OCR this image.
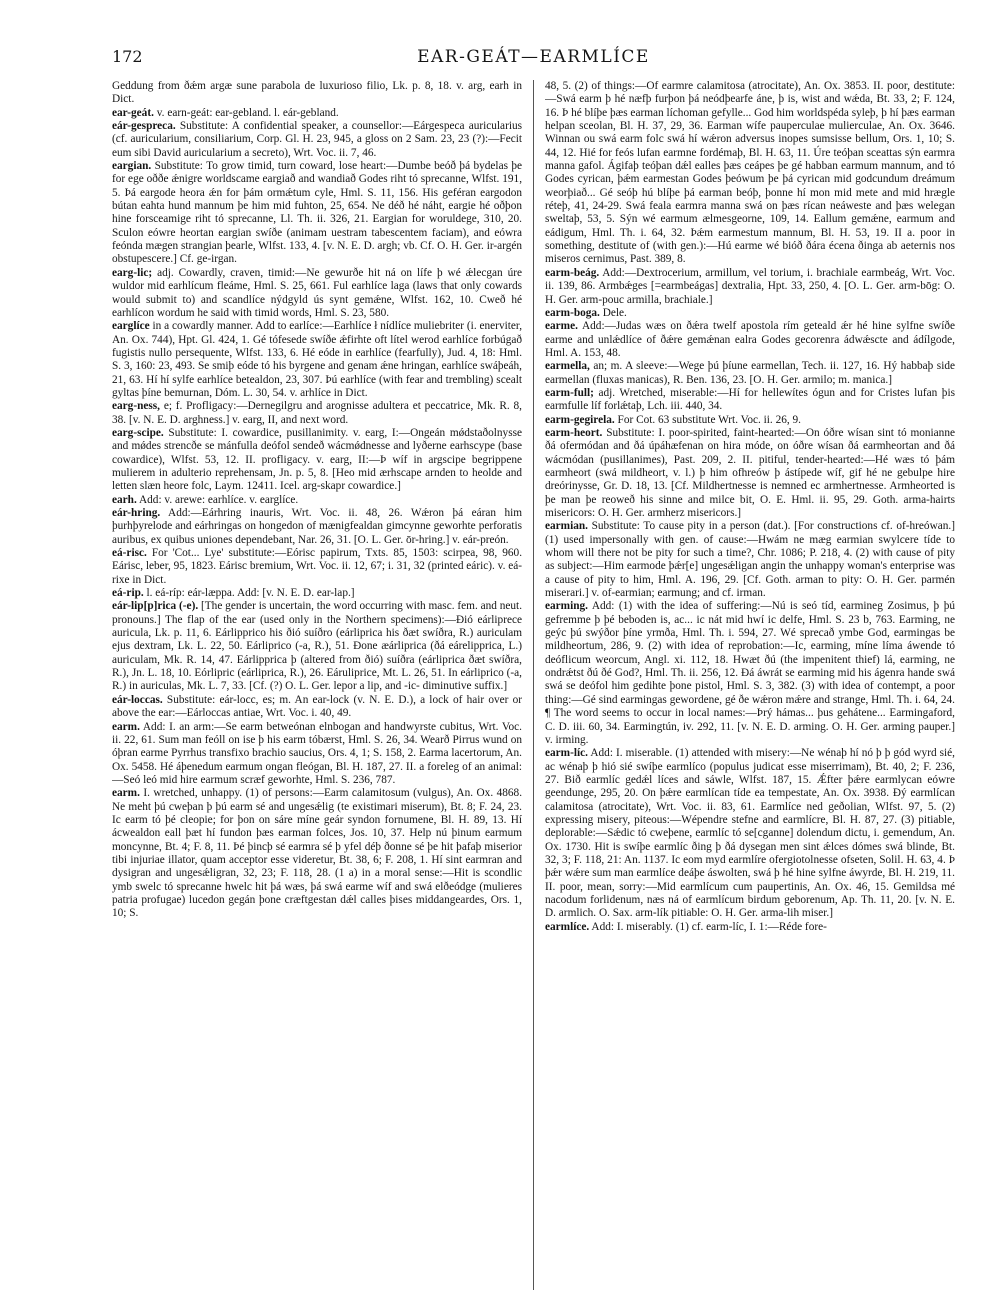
172	EAR-GEÁT—EARMLÍCE

Geddung from ðǽm argæ sune parabola de luxurioso filio, Lk. p. 8, 18. v. arg, earh in Dict.

ear-geát. v. earn-geát: ear-gebland. l. eár-gebland.

eár-gespreca. Substitute: A confidential speaker, a counsellor:—Eárgespeca auricularius (cf. auricularium, consiliarium, Corp. Gl. H. 23, 945, a gloss on 2 Sam. 23, 23 (?):—Fecit eum sibi David auricularium a secreto), Wrt. Voc. ii. 7, 46.

eargian. Substitute: To grow timid, turn coward, lose heart:—Dumbe beóð þá bydelas þe for ege oððe ǽnigre worldscame eargiað and wandiað Godes riht tó sprecanne, Wlfst. 191, 5. Þá eargode heora ǽn for þám ormǽtum cyle, Hml. S. 11, 156. His geféran eargodon bútan eahta hund mannum þe him mid fuhton, 25, 654. Ne déð hé náht, eargie hé oðþon hine forsceamige riht tó sprecanne, Ll. Th. ii. 326, 21. Eargian for woruldege, 310, 20. Sculon eówre heortan eargian swíðe (animam uestram tabescentem faciam), and eówra feónda mægen strangian þearle, Wlfst. 133, 4. [v. N. E. D. argh; vb. Cf. O. H. Ger. ir-argén obstupescere.] Cf. ge-irgan.

earg-lic; adj. Cowardly, craven, timid:—Ne gewurðe hit ná on lífe þ wé ǽlecgan úre wuldor mid earhlícum fleáme, Hml. S. 25, 661. Ful earhlíce laga (laws that only cowards would submit to) and scandlíce nýdgyld ús synt gemǽne, Wlfst. 162, 10. Cweð hé earhlícon wordum he said with timid words, Hml. S. 23, 580.

earglíce in a cowardly manner. Add to earlíce:—Earhlíce ł nídlíce muliebriter (i. enerviter, An. Ox. 744), Hpt. Gl. 424, 1. Gé tófesede swíðe ǽfirhte oft lítel werod earhlíce forbúgað fugistis nullo persequente, Wlfst. 133, 6. Hé eóde in earhlíce (fearfully), Jud. 4, 18: Hml. S. 3, 160: 23, 493. Se smiþ eóde tó his byrgene and genam ǽne hringan, earhlíce swáþeáh, 21, 63. Hí hí sylfe earhlíce betealdon, 23, 307. Þú earhlíce (with fear and trembling) scealt gyltas þíne bemurnan, Dóm. L. 30, 54. v. arhlíce in Dict.

earg-ness, e; f. Profligacy:—Dernegilgru and arognisse adultera et peccatrice, Mk. R. 8, 38. [v. N. E. D. arghness.] v. earg, II, and next word.

earg-scipe. Substitute: I. cowardice, pusillanimity. v. earg, I:—Ongeán mǿdstaðolnysse and mǿdes strencðe se mánfulla deófol sendeð wácmǿdnesse and lyðerne earhscype (base cowardice), Wlfst. 53, 12. II. profligacy. v. earg, II:—Þ wíf in argscipe begrippene mulierem in adulterio reprehensam, Jn. p. 5, 8. [Heo mid ærhscape arnden to heolde and letten slæn heore folc, Laym. 12411. Icel. arg-skapr cowardice.]

earh. Add: v. arewe: earhlíce. v. earglíce.

eár-hring. Add:—Eárhring inauris, Wrt. Voc. ii. 48, 26. Wǽron þá eáran him þurhþyrelode and eárhringas on hongedon of mænigfealdan gimcynne geworhte perforatis auribus, ex quibus uniones dependebant, Nar. 26, 31. [O. L. Ger. ōr-hring.] v. eár-preón.

eá-risc. For 'Cot... Lye' substitute:—Eórisc papirum, Txts. 85, 1503: scirpea, 98, 960. Eárisc, leber, 95, 1823. Eárisc bremium, Wrt. Voc. ii. 12, 67; i. 31, 32 (printed eáric). v. eá-rixe in Dict.

eá-rip. l. eá-ríp: eár-læppa. Add: [v. N. E. D. ear-lap.]

eár-lip[p]rica (-e). [The gender is uncertain, the word occurring with masc. fem. and neut. pronouns.] The flap of the ear (used only in the Northern specimens):—Ðió eárliprece auricula, Lk. p. 11, 6. Eárlipprico his ðió suíðro (eárliprica his ðæt swíðra, R.) auriculam ejus dextram, Lk. L. 22, 50. Eárliprico (-a, R.), 51. Ðone æárliprica (ðá eárelipprica, L.) auriculam, Mk. R. 14, 47. Eárlipprica þ (altered from ðió) suíðra (eárliprica ðæt swíðra, R.), Jn. L. 18, 10. Eórlipric (eárliprica, R.), 26. Eáruliprice, Mt. L. 26, 51. In eárliprico (-a, R.) in auriculas, Mk. L. 7, 33. [Cf. (?) O. L. Ger. lepor a lip, and -ic- diminutive suffix.]

eár-loccas. Substitute: eár-locc, es; m. An ear-lock (v. N. E. D.), a lock of hair over or above the ear:—Eárloccas antiae, Wrt. Voc. i. 40, 49.

earm. Add: I. an arm:—Se earm betweónan elnbogan and handwyrste cubitus, Wrt. Voc. ii. 22, 61. Sum man feóll on ise þ his earm tóbærst, Hml. S. 26, 34. Wearð Pirrus wund on óþran earme Pyrrhus transfixo brachio saucius, Ors. 4, 1; S. 158, 2. Earma lacertorum, An. Ox. 5458. Hé áþenedum earmum ongan fleógan, Bl. H. 187, 27. II. a foreleg of an animal:—Seó leó mid hire earmum scræf geworhte, Hml. S. 236, 787.

earm. I. wretched, unhappy. (1) of persons:—Earm calamitosum (vulgus), An. Ox. 4868. Ne meht þú cweþan þ þú earm sé and ungesǽlig (te existimari miserum), Bt. 8; F. 24, 23. Ic earm tó þé cleopie; for þon on sáre míne geár syndon fornumene, Bl. H. 89, 13. Hí ácwealdon eall þæt hí fundon þæs earman folces, Jos. 10, 37. Help nú þinum earmum moncynne, Bt. 4; F. 8, 11. Þé þincþ sé earmra sé þ yfel déþ ðonne sé þe hit þafaþ miserior tibi injuriae illator, quam acceptor esse videretur, Bt. 38, 6; F. 208, 1. Hí sint earmran and dysigran and ungesǽligran, 32, 23; F. 118, 28. (1 a) in a moral sense:—Hit is scondlic ymb swelc tó sprecanne hwelc hit þá wæs, þá swá earme wíf and swá elðeódge (mulieres patria profugae) lucedon gegán þone cræftgestan dǽl calles þises middangeardes, Ors. 1, 10; S.

48, 5. (2) of things:—Of earmre calamitosa (atrocitate), An. Ox. 3853. II. poor, destitute:—Swá earm þ hé næfþ furþon þá neódþearfe áne, þ is, wist and wǽda, Bt. 33, 2; F. 124, 16. Þ hé blíþe þæs earman líchoman gefylle... God him worldspéda syleþ, þ hí þæs earman helpan sceolan, Bl. H. 37, 29, 36. Earman wífe pauperculae mulierculae, An. Ox. 3646. Winnan ou swá earm folc swá hí wǽron adversus inopes sumsisse bellum, Ors. 1, 10; S. 44, 12. Hié for feós lufan earmne fordémaþ, Bl. H. 63, 11. Úre teóþan sceattas sýn earmra manna gafol. Ágifaþ teóþan dǽl ealles þæs ceápes þe gé habban earmum mannum, and tó Godes cyrican, þǽm earmestan Godes þeówum þe þá cyrican mid godcundum dreámum weorþiað... Gé seóþ hú blíþe þá earman beóþ, þonne hí mon mid mete and mid hrægle réteþ, 41, 24-29. Swá feala earmra manna swá on þæs rícan neáweste and þæs welegan sweltaþ, 53, 5. Sýn wé earmum ælmesgeorne, 109, 14. Eallum gemǽne, earmum and eádigum, Hml. Th. i. 64, 32. Þǽm earmestum mannum, Bl. H. 53, 19. II a. poor in something, destitute of (with gen.):—Hú earme wé bióð ðára écena ðinga ab aeternis nos miseros cernimus, Past. 389, 8.

earm-beág. Add:—Dextrocerium, armillum, vel torium, i. brachiale earmbeág, Wrt. Voc. ii. 139, 86. Armbǽges [=earmbeágas] dextralia, Hpt. 33, 250, 4. [O. L. Ger. arm-bōg: O. H. Ger. arm-pouc armilla, brachiale.]

earm-boga. Dele.

earme. Add:—Judas wæs on ðǽra twelf apostola rím geteald ǽr hé hine sylfne swíðe earme and unlǽdlíce of ðǽre gemǽnan ealra Godes gecorenra ádwǽscte and ádílgode, Hml. A. 153, 48.

earmella, an; m. A sleeve:—Wege þú þíune earmellan, Tech. ii. 127, 16. Hý habbaþ side earmellan (fluxas manicas), R. Ben. 136, 23. [O. H. Ger. armilo; m. manica.]

earm-full; adj. Wretched, miserable:—Hí for hellewítes ógun and for Cristes lufan þis earmfulle líf forlǽtaþ, Lch. iii. 440, 34.

earm-gegirela. For Cot. 63 substitute Wrt. Voc. ii. 26, 9.

earm-heort. Substitute: I. poor-spirited, faint-hearted:—On óðre wísan sint tó monianne ðá ofermódan and ðá úpáhæfenan on hira móde, on óðre wísan ðá earmheortan and ðá wácmódan (pusillanimes), Past. 209, 2. II. pitiful, tender-hearted:—Hé wæs tó þám earmheort (swá mildheort, v. l.) þ him ofhreów þ ástípede wíf, gif hé ne gebulpe hire dreórinysse, Gr. D. 18, 13. [Cf. Mildhertnesse is nemned ec armhertnesse. Armheorted is þe man þe reoweð his sinne and milce bit, O. E. Hml. ii. 95, 29. Goth. arma-hairts misericors: O. H. Ger. armherz misericors.]

earmian. Substitute: To cause pity in a person (dat.). [For constructions cf. of-hreówan.] (1) used impersonally with gen. of cause:—Hwám ne mæg earmian swylcere tíde to whom will there not be pity for such a time?, Chr. 1086; P. 218, 4. (2) with cause of pity as subject:—Him earmode þǽr[e] ungesǽligan angin the unhappy woman's enterprise was a cause of pity to him, Hml. A. 196, 29. [Cf. Goth. arman to pity: O. H. Ger. parmén miserari.] v. of-earmian; earmung; and cf. irman.

earming. Add: (1) with the idea of suffering:—Nú is seó tíd, earmineg Zosimus, þ þú gefremme þ þé beboden is, ac... ic nát mid hwí ic delfe, Hml. S. 23 b, 763. Earming, ne geýc þú swýðor þíne yrmða, Hml. Th. i. 594, 27. Wé sprecað ymbe God, earmingas be mildheortum, 286, 9. (2) with idea of reprobation:—Ic, earming, míne líma áwende tó deóflicum weorcum, Angl. xi. 112, 18. Hwæt ðú (the impenitent thief) lá, earming, ne ondrǽtst ðú ðé God?, Hml. Th. ii. 256, 12. Ðá áwrát se earming mid his ágenra hande swá swá se deófol him gedihte þone pistol, Hml. S. 3, 382. (3) with idea of contempt, a poor thing:—Gé sind earmingas gewordene, gé ðe wǽron mǽre and strange, Hml. Th. i. 64, 24. ¶ The word seems to occur in local names:—Þrý hámas... þus gehátene... Earmingaford, C. D. iii. 60, 34. Earmingtún, iv. 292, 11. [v. N. E. D. arming. O. H. Ger. arming pauper.] v. irming.

earm-líc. Add: I. miserable. (1) attended with misery:—Ne wénaþ hí nó þ þ gód wyrd sié, ac wénaþ þ hió sié swíþe earmlíco (populus judicat esse miserrimam), Bt. 40, 2; F. 236, 27. Bið earmlíc gedǽl líces and sáwle, Wlfst. 187, 15. Ǽfter þǽre earmlycan eówre geendunge, 295, 20. On þǽre earmlícan tíde ea tempestate, An. Ox. 3938. Ðý earmlícan calamitosa (atrocitate), Wrt. Voc. ii. 83, 61. Earmlíce ned geðolian, Wlfst. 97, 5. (2) expressing misery, piteous:—Wépendre stefne and earmlícre, Bl. H. 87, 27. (3) pitiable, deplorable:—Sǽdic tó cweþene, earmlíc tó se[cganne] dolendum dictu, i. gemendum, An. Ox. 1730. Hit is swíþe earmlíc ðing þ ðá dysegan men sint ǽlces dómes swá blinde, Bt. 32, 3; F. 118, 21: An. 1137. Ic eom myd earmlíre ofergiotolnesse ofseten, Solil. H. 63, 4. Þ þǽr wǽre sum man earmlíce deáþe áswolten, swá þ hé hine sylfne áwyrde, Bl. H. 219, 11. II. poor, mean, sorry:—Mid earmlícum cum paupertinis, An. Ox. 46, 15. Gemildsa mé nacodum forlidenum, næs ná of earmlícum birdum geborenum, Ap. Th. 11, 20. [v. N. E. D. armlich. O. Sax. arm-lík pitiable: O. H. Ger. arma-lih miser.]

earmlíce. Add: I. miserably. (1) cf. earm-líc, I. 1:—Réde fore-
